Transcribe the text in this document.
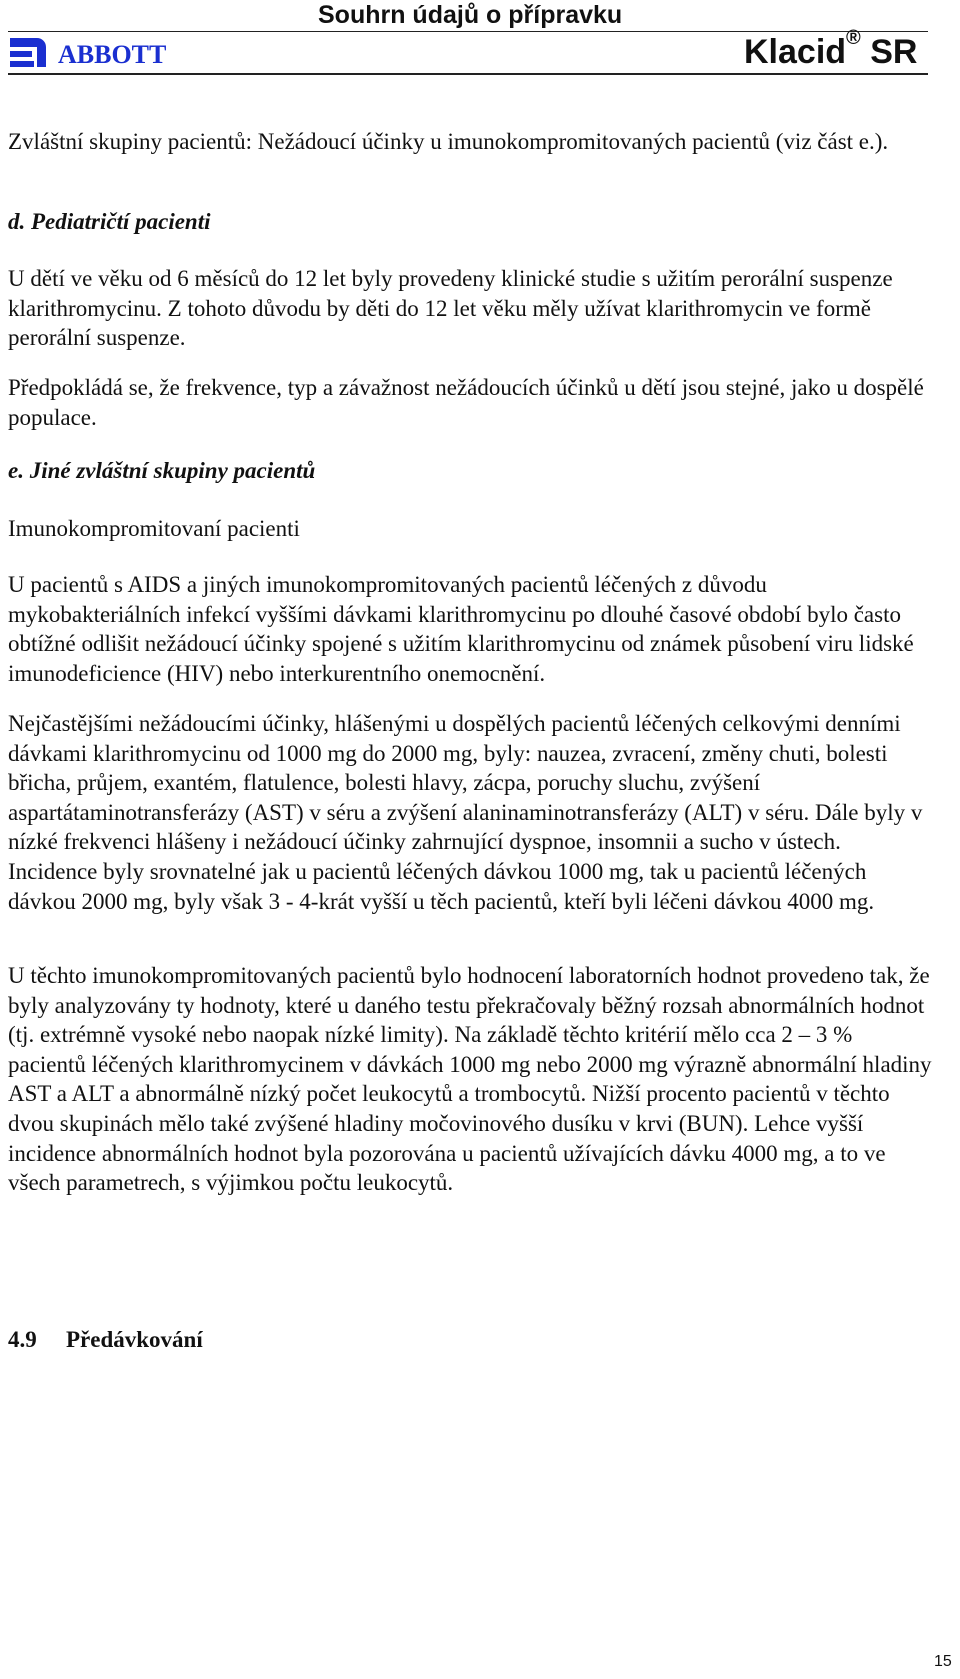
Souhrn údajů o přípravku
ABBOTT	Klacid® SR

Zvláštní skupiny pacientů: Nežádoucí účinky u imunokompromitovaných pacientů (viz část e.).

d. Pediatričtí pacienti

U dětí ve věku od 6 měsíců do 12 let byly provedeny klinické studie s užitím perorální suspenze klarithromycinu. Z tohoto důvodu by děti do 12 let věku měly užívat klarithromycin ve formě perorální suspenze.

Předpokládá se, že frekvence, typ a závažnost nežádoucích účinků u dětí jsou stejné, jako u dospělé populace.

e. Jiné zvláštní skupiny pacientů

Imunokompromitovaní pacienti

U pacientů s AIDS a jiných imunokompromitovaných pacientů léčených z důvodu mykobakteriálních infekcí vyššími dávkami klarithromycinu po dlouhé časové období bylo často obtížné odlišit nežádoucí účinky spojené s užitím klarithromycinu od známek působení viru lidské imunodeficience (HIV) nebo interkurentního onemocnění.

Nejčastějšími nežádoucími účinky, hlášenými u dospělých pacientů léčených celkovými denními dávkami klarithromycinu od 1000 mg do 2000 mg, byly: nauzea, zvracení, změny chuti, bolesti břicha, průjem, exantém, flatulence, bolesti hlavy, zácpa, poruchy sluchu, zvýšení aspartátaminotransferázy (AST) v séru a zvýšení alaninaminotransferázy (ALT) v séru. Dále byly v nízké frekvenci hlášeny i nežádoucí účinky zahrnující dyspnoe, insomnii a sucho v ústech. Incidence byly srovnatelné jak u pacientů léčených dávkou 1000 mg, tak u pacientů léčených dávkou 2000 mg, byly však 3 - 4-krát vyšší u těch pacientů, kteří byli léčeni dávkou 4000 mg.

U těchto imunokompromitovaných pacientů bylo hodnocení laboratorních hodnot provedeno tak, že byly analyzovány ty hodnoty, které u daného testu překračovaly běžný rozsah abnormálních hodnot (tj. extrémně vysoké nebo naopak nízké limity). Na základě těchto kritérií mělo cca 2 – 3 % pacientů léčených klarithromycinem v dávkách 1000 mg nebo 2000 mg výrazně abnormální hladiny AST a ALT a abnormálně nízký počet leukocytů a trombocytů. Nižší procento pacientů v těchto dvou skupinách mělo také zvýšené hladiny močovinového dusíku v krvi (BUN). Lehce vyšší incidence abnormálních hodnot byla pozorována u pacientů užívajících dávku 4000 mg, a to ve všech parametrech, s výjimkou počtu leukocytů.

4.9 Předávkování
15
